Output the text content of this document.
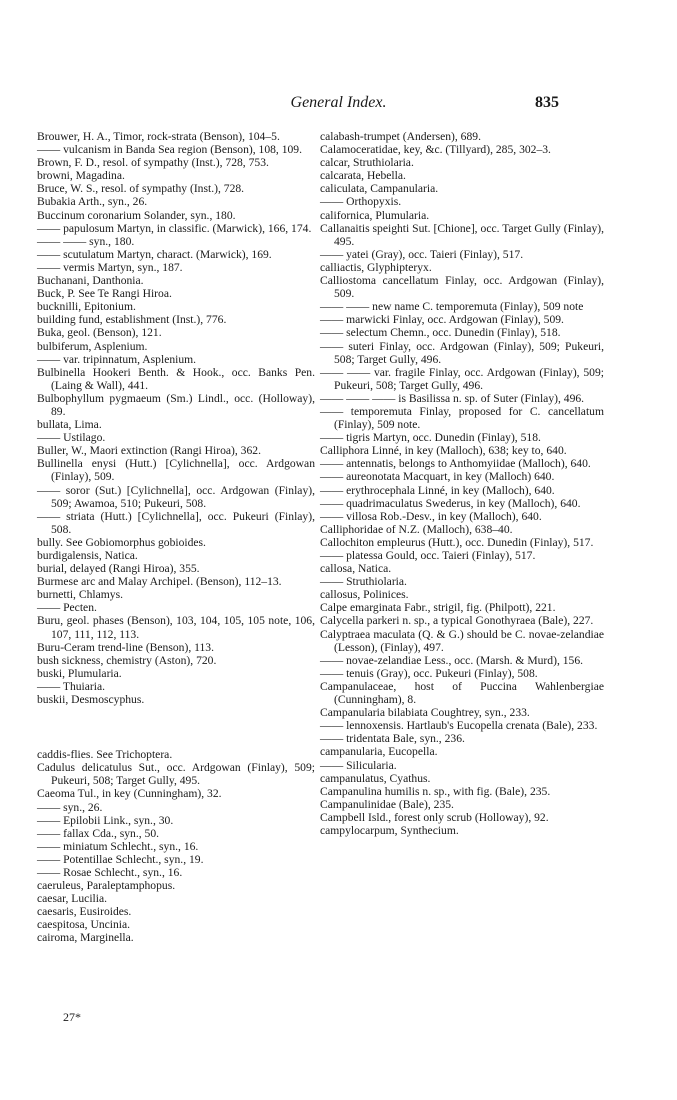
General Index.	835
Brouwer, H. A., Timor, rock-strata (Benson), 104–5.
—— vulcanism in Banda Sea region (Benson), 108, 109.
Brown, F. D., resol. of sympathy (Inst.), 728, 753.
browni, Magadina.
Bruce, W. S., resol. of sympathy (Inst.), 728.
Bubakia Arth., syn., 26.
Buccinum coronarium Solander, syn., 180.
—— papulosum Martyn, in classific. (Marwick), 166, 174.
—— —— syn., 180.
—— scutulatum Martyn, charact. (Marwick), 169.
—— vermis Martyn, syn., 187.
Buchanani, Danthonia.
Buck, P. See Te Rangi Hiroa.
bucknilli, Epitonium.
building fund, establishment (Inst.), 776.
Buka, geol. (Benson), 121.
bulbiferum, Asplenium.
—— var. tripinnatum, Asplenium.
Bulbinella Hookeri Benth. & Hook., occ. Banks Pen. (Laing & Wall), 441.
Bulbophyllum pygmaeum (Sm.) Lindl., occ. (Holloway), 89.
bullata, Lima.
—— Ustilago.
Buller, W., Maori extinction (Rangi Hiroa), 362.
Bullinella enysi (Hutt.) [Cylichnella], occ. Ardgowan (Finlay), 509.
—— soror (Sut.) [Cylichnella], occ. Ardgowan (Finlay), 509; Awamoa, 510; Pukeuri, 508.
—— striata (Hutt.) [Cylichnella], occ. Pukeuri (Finlay), 508.
bully. See Gobiomorphus gobioides.
burdigalensis, Natica.
burial, delayed (Rangi Hiroa), 355.
Burmese arc and Malay Archipel. (Benson), 112–13.
burnetti, Chlamys.
—— Pecten.
Buru, geol. phases (Benson), 103, 104, 105, 105 note, 106, 107, 111, 112, 113.
Buru-Ceram trend-line (Benson), 113.
bush sickness, chemistry (Aston), 720.
buski, Plumularia.
—— Thuiaria.
buskii, Desmoscyphus.
caddis-flies. See Trichoptera.
Cadulus delicatulus Sut., occ. Ardgowan (Finlay), 509; Pukeuri, 508; Target Gully, 495.
Caeoma Tul., in key (Cunningham), 32.
—— syn., 26.
—— Epilobii Link., syn., 30.
—— fallax Cda., syn., 50.
—— miniatum Schlecht., syn., 16.
—— Potentillae Schlecht., syn., 19.
—— Rosae Schlecht., syn., 16.
caeruleus, Paraleptamphopus.
caesar, Lucilia.
caesaris, Eusiroides.
caespitosa, Uncinia.
cairoma, Marginella.
calabash-trumpet (Andersen), 689.
Calamoceratidae, key, &c. (Tillyard), 285, 302–3.
calcar, Struthiolaria.
calcarata, Hebella.
caliculata, Campanularia.
—— Orthopyxis.
californica, Plumularia.
Callanaitis speighti Sut. [Chione], occ. Target Gully (Finlay), 495.
—— yatei (Gray), occ. Taieri (Finlay), 517.
calliactis, Glyphipteryx.
Calliostoma cancellatum Finlay, occ. Ardgowan (Finlay), 509.
—— —— new name C. temporemuta (Finlay), 509 note
—— marwicki Finlay, occ. Ardgowan (Finlay), 509.
—— selectum Chemn., occ. Dunedin (Finlay), 518.
—— suteri Finlay, occ. Ardgowan (Finlay), 509; Pukeuri, 508; Target Gully, 496.
—— —— var. fragile Finlay, occ. Ardgowan (Finlay), 509; Pukeuri, 508; Target Gully, 496.
—— —— —— is Basilissa n. sp. of Suter (Finlay), 496.
—— temporemuta Finlay, proposed for C. cancellatum (Finlay), 509 note.
—— tigris Martyn, occ. Dunedin (Finlay), 518.
Calliphora Linné, in key (Malloch), 638; key to, 640.
—— antennatis, belongs to Anthomyiidae (Malloch), 640.
—— aureonotata Macquart, in key (Malloch) 640.
—— erythrocephala Linné, in key (Malloch), 640.
—— quadrimaculatus Swederus, in key (Malloch), 640.
—— villosa Rob.-Desv., in key (Malloch), 640.
Calliphoridae of N.Z. (Malloch), 638–40.
Callochiton empleurus (Hutt.), occ. Dunedin (Finlay), 517.
—— platessa Gould, occ. Taieri (Finlay), 517.
callosa, Natica.
—— Struthiolaria.
callosus, Polinices.
Calpe emarginata Fabr., strigil, fig. (Philpott), 221.
Calycella parkeri n. sp., a typical Gonothyraea (Bale), 227.
Calyptraea maculata (Q. & G.) should be C. novae-zelandiae (Lesson), (Finlay), 497.
—— novae-zelandiae Less., occ. (Marsh. & Murd), 156.
—— tenuis (Gray), occ. Pukeuri (Finlay), 508.
Campanulaceae, host of Puccina Wahlenbergiae (Cunningham), 8.
Campanularia bilabiata Coughtrey, syn., 233.
—— lennoxensis. Hartlaub's Eucopella crenata (Bale), 233.
—— tridentata Bale, syn., 236.
campanularia, Eucopella.
—— Silicularia.
campanulatus, Cyathus.
Campanulina humilis n. sp., with fig. (Bale), 235.
Campanulinidae (Bale), 235.
Campbell Isld., forest only scrub (Holloway), 92.
campylocarpum, Synthecium.
27*
